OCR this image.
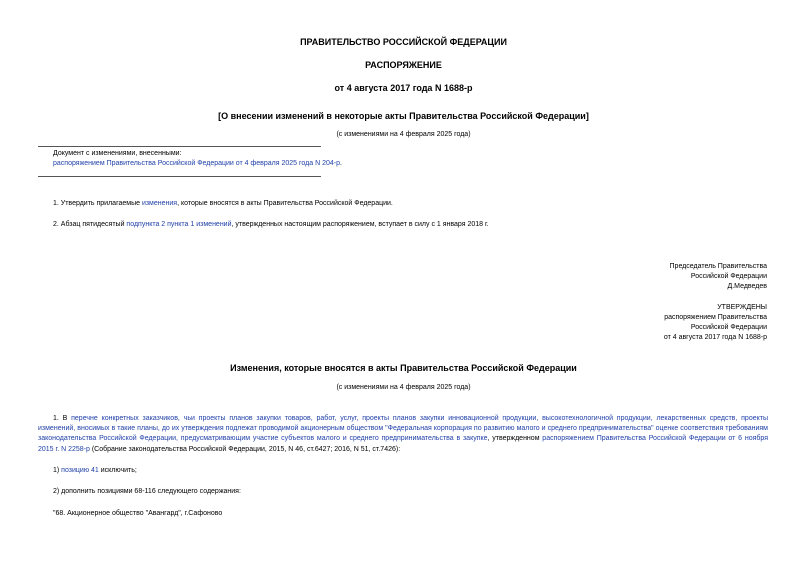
ПРАВИТЕЛЬСТВО РОССИЙСКОЙ ФЕДЕРАЦИИ
РАСПОРЯЖЕНИЕ
от 4 августа 2017 года N 1688-р
[О внесении изменений в некоторые акты Правительства Российской Федерации]
(с изменениями на 4 февраля 2025 года)
Документ с изменениями, внесенными:
распоряжением Правительства Российской Федерации от 4 февраля 2025 года N 204-р.
1. Утвердить прилагаемые изменения, которые вносятся в акты Правительства Российской Федерации.
2. Абзац пятидесятый подпункта 2 пункта 1 изменений, утвержденных настоящим распоряжением, вступает в силу с 1 января 2018 г.
Председатель Правительства
Российской Федерации
Д.Медведев
УТВЕРЖДЕНЫ
распоряжением Правительства
Российской Федерации
от 4 августа 2017 года N 1688-р
Изменения, которые вносятся в акты Правительства Российской Федерации
(с изменениями на 4 февраля 2025 года)
1. В перечне конкретных заказчиков, чьи проекты планов закупки товаров, работ, услуг, проекты планов закупки инновационной продукции, высокотехнологичной продукции, лекарственных средств, проекты изменений, вносимых в такие планы, до их утверждения подлежат проводимой акционерным обществом "Федеральная корпорация по развитию малого и среднего предпринимательства" оценке соответствия требованиям законодательства Российской Федерации, предусматривающим участие субъектов малого и среднего предпринимательства в закупке, утвержденном распоряжением Правительства Российской Федерации от 6 ноября 2015 г. N 2258-р (Собрание законодательства Российской Федерации, 2015, N 46, ст.6427; 2016, N 51, ст.7426):
1) позицию 41 исключить;
2) дополнить позициями 68-116 следующего содержания:
"68. Акционерное общество "Авангард", г.Сафоново
